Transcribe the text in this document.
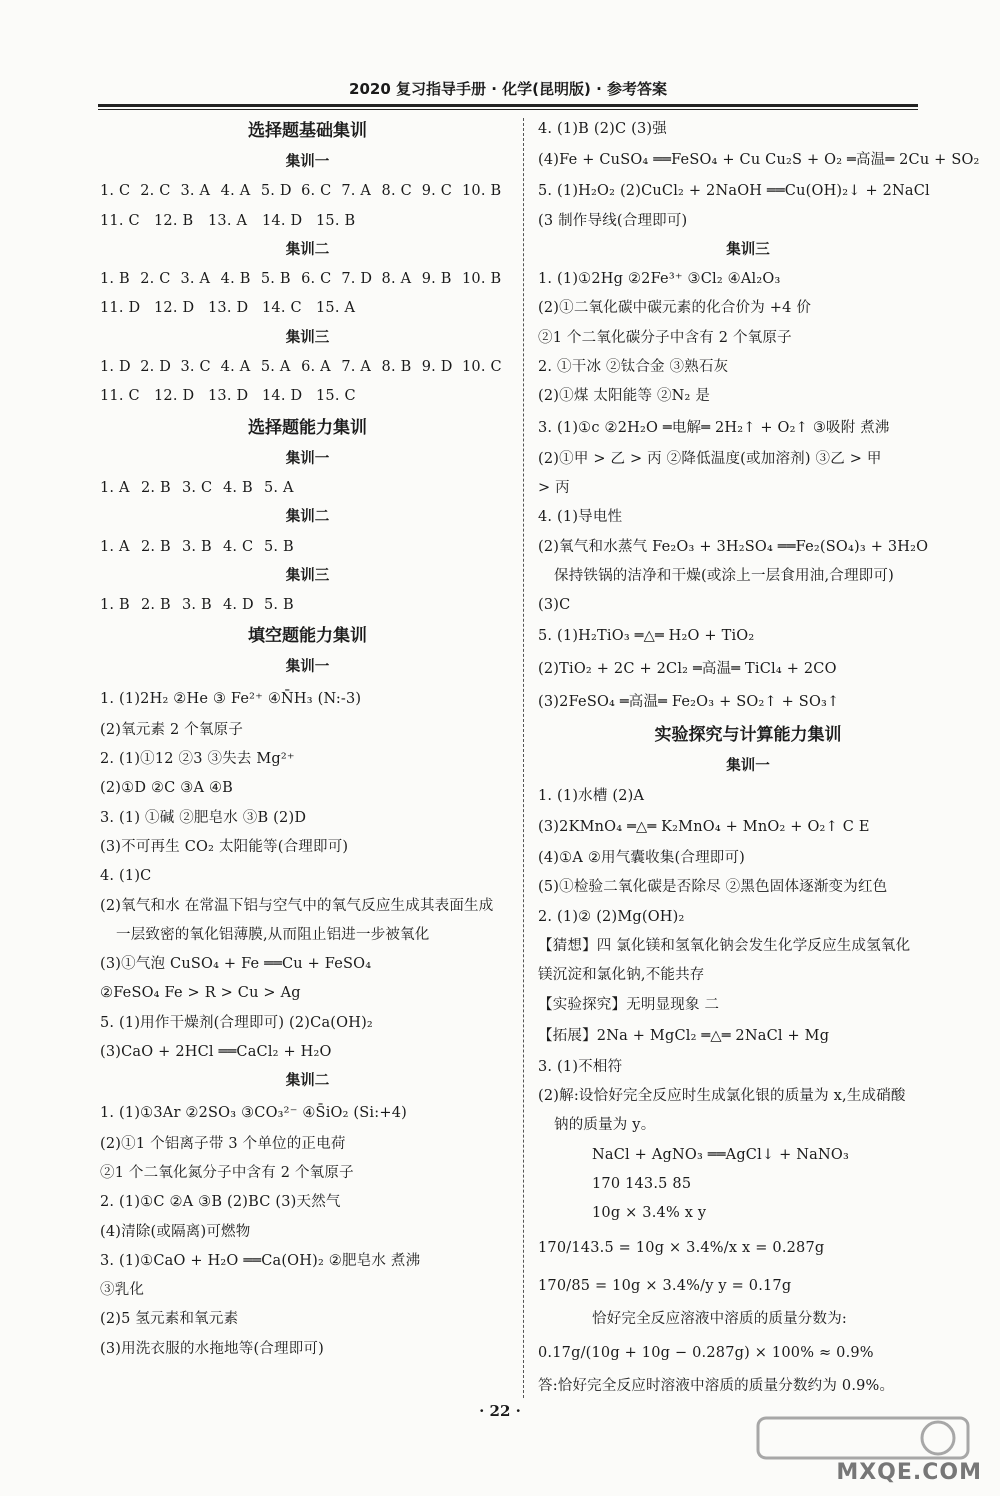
2020 复习指导手册 · 化学(昆明版) · 参考答案
选择题基础集训
集训一
1. C 2. C 3. A 4. A 5. D 6. C 7. A 8. C 9. C 10. B
11. C 12. B	13. A	14. D 15. B
集训二
1. B 2. C 3. A 4. B 5. B 6. C 7. D 8. A 9. B 10. B
11. D 12. D 13. D 14. C 15. A
集训三
1. D 2. D 3. C 4. A 5. A 6. A 7. A 8. B 9. D 10. C
11. C 12. D 13. D 14. D 15. C
选择题能力集训
集训一
1. A 2. B 3. C 4. B 5. A
集训二
1. A 2. B 3. B 4. C 5. B
集训三
1. B 2. B 3. B 4. D 5. B
填空题能力集训
集训一
1. (1)2H₂ ②He ③ Fe²⁺ ④N̄H₃ (N:-3)
(2)氧元素 2 个氧原子
2. (1)①12 ②3 ③失去 Mg²⁺
(2)①D ②C ③A ④B
3. (1) ①碱 ②肥皂水 ③B (2)D
(3)不可再生 CO₂ 太阳能等(合理即可)
4. (1)C
(2)氧气和水 在常温下铝与空气中的氧气反应生成其表面生成
一层致密的氧化铝薄膜,从而阻止铝进一步被氧化
(3)①气泡 CuSO₄ + Fe ══Cu + FeSO₄
②FeSO₄ Fe > R > Cu > Ag
5. (1)用作干燥剂(合理即可) (2)Ca(OH)₂
(3)CaO + 2HCl ══CaCl₂ + H₂O
集训二
1. (1)①3Ar ②2SO₃ ③CO₃²⁻ ④S̄iO₂ (Si:+4)
(2)①1 个铝离子带 3 个单位的正电荷
②1 个二氧化氮分子中含有 2 个氧原子
2. (1)①C ②A ③B (2)BC (3)天然气
(4)清除(或隔离)可燃物
3. (1)①CaO + H₂O ══Ca(OH)₂ ②肥皂水 煮沸
③乳化
(2)5 氢元素和氧元素
(3)用洗衣服的水拖地等(合理即可)
4. (1)B (2)C (3)强
(4)Fe + CuSO₄ ══FeSO₄ + Cu Cu₂S + O₂ ═高温═ 2Cu + SO₂
5. (1)H₂O₂ (2)CuCl₂ + 2NaOH ══Cu(OH)₂↓ + 2NaCl
(3 制作导线(合理即可)
集训三
1. (1)①2Hg ②2Fe³⁺ ③Cl₂ ④Al₂O₃
(2)①二氧化碳中碳元素的化合价为 +4 价
②1 个二氧化碳分子中含有 2 个氧原子
2. ①干冰 ②钛合金 ③熟石灰
(2)①煤 太阳能等 ②N₂ 是
3. (1)①c ②2H₂O ═电解═ 2H₂↑ + O₂↑ ③吸附 煮沸
(2)①甲 > 乙 > 丙 ②降低温度(或加溶剂) ③乙 > 甲
> 丙
4. (1)导电性
(2)氧气和水蒸气 Fe₂O₃ + 3H₂SO₄ ══Fe₂(SO₄)₃ + 3H₂O
保持铁锅的洁净和干燥(或涂上一层食用油,合理即可)
(3)C
5. (1)H₂TiO₃ ═△═ H₂O + TiO₂
(2)TiO₂ + 2C + 2Cl₂ ═高温═ TiCl₄ + 2CO
(3)2FeSO₄ ═高温═ Fe₂O₃ + SO₂↑ + SO₃↑
实验探究与计算能力集训
集训一
1. (1)水槽 (2)A
(3)2KMnO₄ ═△═ K₂MnO₄ + MnO₂ + O₂↑ C E
(4)①A ②用气囊收集(合理即可)
(5)①检验二氧化碳是否除尽 ②黑色固体逐渐变为红色
2. (1)② (2)Mg(OH)₂
【猜想】四 氯化镁和氢氧化钠会发生化学反应生成氢氧化
镁沉淀和氯化钠,不能共存
【实验探究】无明显现象 二
【拓展】2Na + MgCl₂ ═△═ 2NaCl + Mg
3. (1)不相符
(2)解:设恰好完全反应时生成氯化银的质量为 x,生成硝酸
钠的质量为 y。
NaCl + AgNO₃ ══AgCl↓ + NaNO₃
170 143.5 85
10g × 3.4% x y
170/143.5 = 10g × 3.4%/x x = 0.287g
170/85 = 10g × 3.4%/y y = 0.17g
恰好完全反应溶液中溶质的质量分数为:
0.17g/(10g + 10g − 0.287g) × 100% ≈ 0.9%
答:恰好完全反应时溶液中溶质的质量分数约为 0.9%。
· 22 ·
MXQE.COM
